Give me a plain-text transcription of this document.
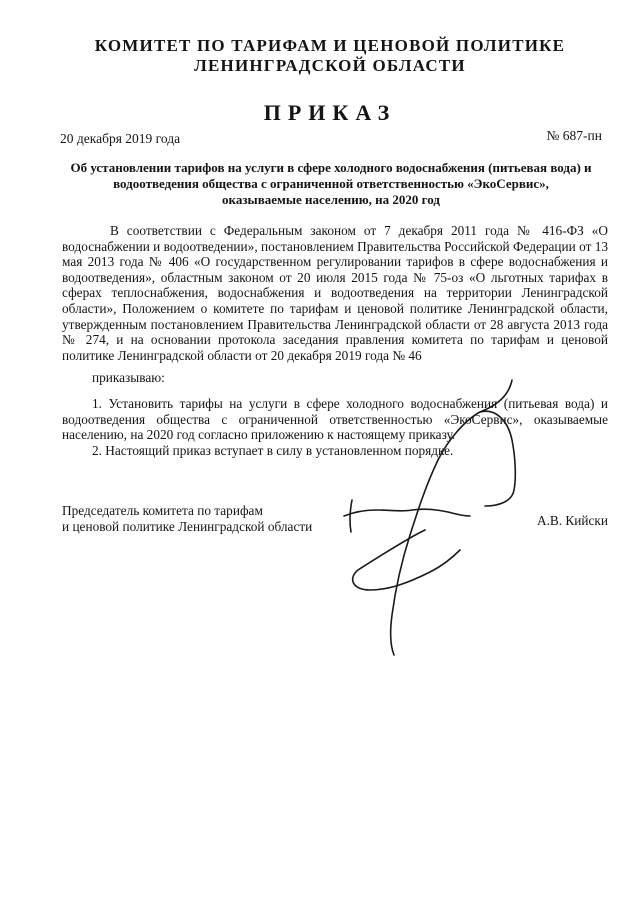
КОМИТЕТ ПО ТАРИФАМ И ЦЕНОВОЙ ПОЛИТИКЕ
ЛЕНИНГРАДСКОЙ ОБЛАСТИ
ПРИКАЗ
20 декабря 2019 года	№ 687-пн
Об установлении тарифов на услуги в сфере холодного водоснабжения (питьевая вода) и
водоотведения общества с ограниченной ответственностью «ЭкоСервис»,
оказываемые населению, на 2020 год

В соответствии с Федеральным законом от 7 декабря 2011 года № 416-ФЗ «О водоснабжении и водоотведении», постановлением Правительства Российской Федерации от 13 мая 2013 года № 406 «О государственном регулировании тарифов в сфере водоснабжения и водоотведения», областным законом от 20 июля 2015 года № 75-оз «О льготных тарифах в сферах теплоснабжения, водоснабжения и водоотведения на территории Ленинградской области», Положением о комитете по тарифам и ценовой политике Ленинградской области, утвержденным постановлением Правительства Ленинградской области от 28 августа 2013 года № 274, и на основании протокола заседания правления комитета по тарифам и ценовой политике Ленинградской области от 20 декабря 2019 года № 46

приказываю:

1. Установить тарифы на услуги в сфере холодного водоснабжения (питьевая вода) и водоотведения общества с ограниченной ответственностью «ЭкоСервис», оказываемые населению, на 2020 год согласно приложению к настоящему приказу.

2. Настоящий приказ вступает в силу в установленном порядке.

Председатель комитета по тарифам
и ценовой политике Ленинградской области	А.В. Кийски
